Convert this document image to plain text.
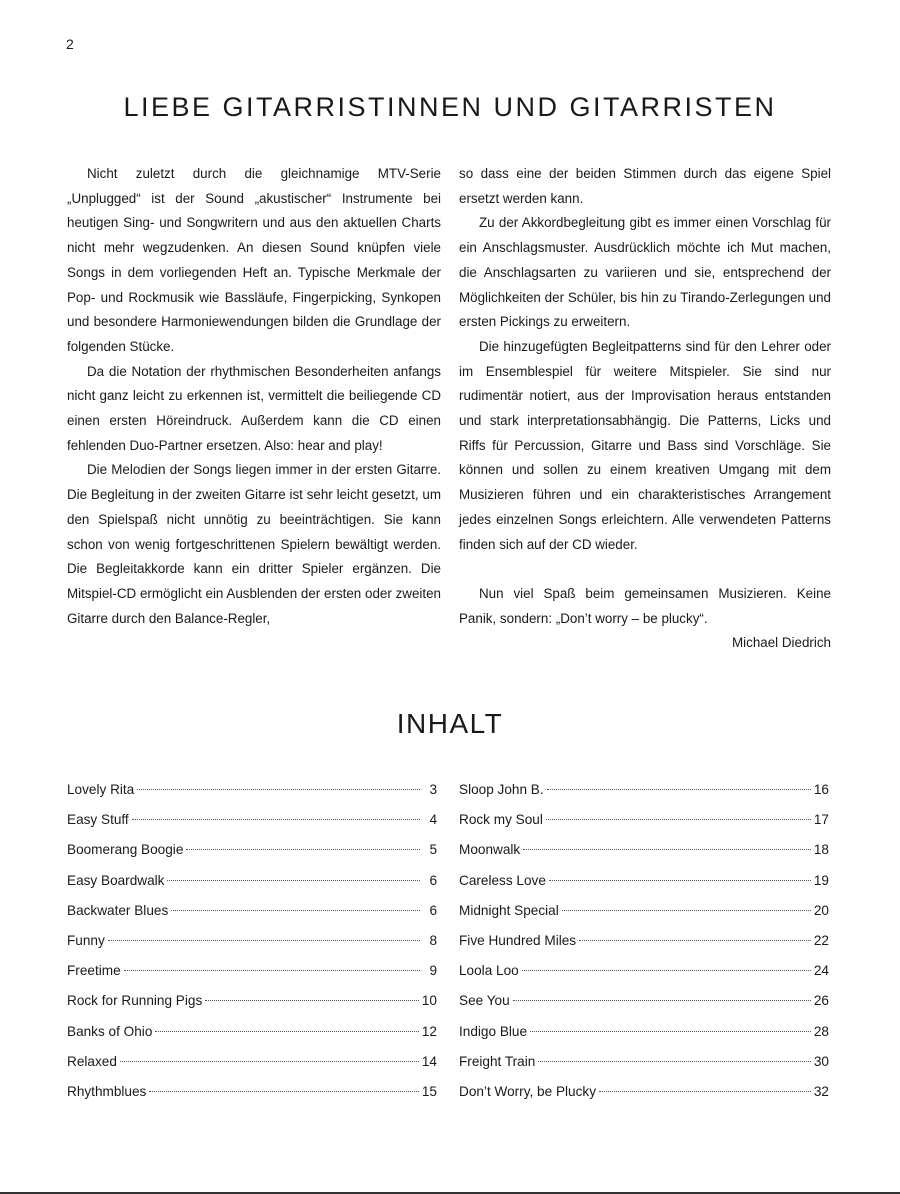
2
LIEBE GITARRISTINNEN UND GITARRISTEN

Nicht zuletzt durch die gleichnamige MTV-Serie „Unplugged“ ist der Sound „akustischer“ Instrumente bei heutigen Sing- und Songwritern und aus den aktuellen Charts nicht mehr wegzudenken. An diesen Sound knüpfen viele Songs in dem vorliegenden Heft an. Typische Merkmale der Pop- und Rockmusik wie Bassläufe, Fingerpicking, Synkopen und besondere Harmoniewendungen bilden die Grundlage der folgenden Stücke.

Da die Notation der rhythmischen Besonderheiten anfangs nicht ganz leicht zu erkennen ist, vermittelt die beiliegende CD einen ersten Höreindruck. Außerdem kann die CD einen fehlenden Duo-Partner ersetzen. Also: hear and play!

Die Melodien der Songs liegen immer in der ersten Gitarre. Die Begleitung in der zweiten Gitarre ist sehr leicht gesetzt, um den Spielspaß nicht unnötig zu beeinträchtigen. Sie kann schon von wenig fortgeschrittenen Spielern bewältigt werden. Die Begleitakkorde kann ein dritter Spieler ergänzen. Die Mitspiel-CD ermöglicht ein Ausblenden der ersten oder zweiten Gitarre durch den Balance-Regler,

so dass eine der beiden Stimmen durch das eigene Spiel ersetzt werden kann.

Zu der Akkordbegleitung gibt es immer einen Vorschlag für ein Anschlagsmuster. Ausdrücklich möchte ich Mut machen, die Anschlagsarten zu variieren und sie, entsprechend der Möglichkeiten der Schüler, bis hin zu Tirando-Zerlegungen und ersten Pickings zu erweitern.

Die hinzugefügten Begleitpatterns sind für den Lehrer oder im Ensemblespiel für weitere Mitspieler. Sie sind nur rudimentär notiert, aus der Improvisation heraus entstanden und stark interpretationsabhängig. Die Patterns, Licks und Riffs für Percussion, Gitarre und Bass sind Vorschläge. Sie können und sollen zu einem kreativen Umgang mit dem Musizieren führen und ein charakteristisches Arrangement jedes einzelnen Songs erleichtern. Alle verwendeten Patterns finden sich auf der CD wieder.

Nun viel Spaß beim gemeinsamen Musizieren. Keine Panik, sondern: „Don’t worry – be plucky“.

Michael Diedrich

INHALT
Lovely Rita	3
Easy Stuff	4
Boomerang Boogie	5
Easy Boardwalk	6
Backwater Blues	6
Funny	8
Freetime	9
Rock for Running Pigs	10
Banks of Ohio	12
Relaxed	14
Rhythmblues	15
Sloop John B.	16
Rock my Soul	17
Moonwalk	18
Careless Love	19
Midnight Special	20
Five Hundred Miles	22
Loola Loo	24
See You	26
Indigo Blue	28
Freight Train	30
Don’t Worry, be Plucky	32
